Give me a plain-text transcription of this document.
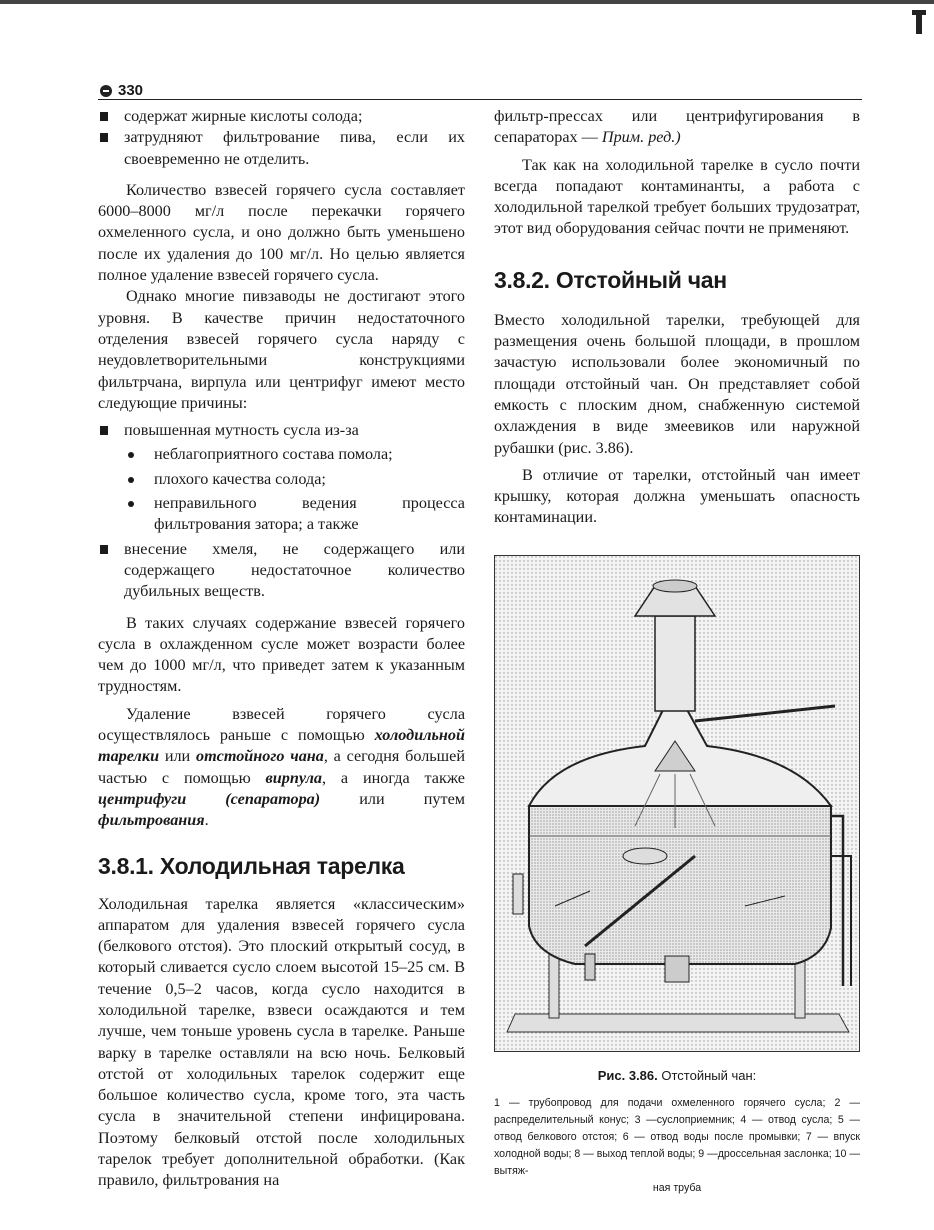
330
содержат жирные кислоты солода;
затрудняют фильтрование пива, если их своевременно не отделить.

Количество взвесей горячего сусла составляет 6000–8000 мг/л после перекачки горячего охмеленного сусла, и оно должно быть уменьшено после их удаления до 100 мг/л. Но целью является полное удаление взвесей горячего сусла.

Однако многие пивзаводы не достигают этого уровня. В качестве причин недостаточного отделения взвесей горячего сусла наряду с неудовлетворительными конструкциями фильтрчана, вирпула или центрифуг имеют место следующие причины:

повышенная мутность сусла из-за
неблагоприятного состава помола;
плохого качества солода;
неправильного ведения процесса фильтрования затора; а также
внесение хмеля, не содержащего или содержащего недостаточное количество дубильных веществ.

В таких случаях содержание взвесей горячего сусла в охлажденном сусле может возрасти более чем до 1000 мг/л, что приведет затем к указанным трудностям.

Удаление взвесей горячего сусла осуществлялось раньше с помощью холодильной тарелки или отстойного чана, а сегодня большей частью с помощью вирпула, а иногда также центрифуги (сепаратора) или путем фильтрования.

3.8.1. Холодильная тарелка

Холодильная тарелка является «классическим» аппаратом для удаления взвесей горячего сусла (белкового отстоя). Это плоский открытый сосуд, в который сливается сусло слоем высотой 15–25 см. В течение 0,5–2 часов, когда сусло находится в холодильной тарелке, взвеси осаждаются и тем лучше, чем тоньше уровень сусла в тарелке. Раньше варку в тарелке оставляли на всю ночь. Белковый отстой от холодильных тарелок содержит еще большое количество сусла, кроме того, эта часть сусла в значительной степени инфицирована. Поэтому белковый отстой после холодильных тарелок требует дополнительной обработки. (Как правило, фильтрования на

фильтр-прессах или центрифугирования в сепараторах — Прим. ред.)

Так как на холодильной тарелке в сусло почти всегда попадают контаминанты, а работа с холодильной тарелкой требует больших трудозатрат, этот вид оборудования сейчас почти не применяют.

3.8.2. Отстойный чан

Вместо холодильной тарелки, требующей для размещения очень большой площади, в прошлом зачастую использовали более экономичный по площади отстойный чан. Он представляет собой емкость с плоским дном, снабженную системой охлаждения в виде змеевиков или наружной рубашки (рис. 3.86).

В отличие от тарелки, отстойный чан имеет крышку, которая должна уменьшать опасность контаминации.

Рис. 3.86. Отстойный чан:
1 — трубопровод для подачи охмеленного горячего сусла; 2 — распределительный конус; 3 —суслоприемник; 4 — отвод сусла; 5 — отвод белкового отстоя; 6 — отвод воды после промывки; 7 — впуск холодной воды; 8 — выход теплой воды; 9 —дроссельная заслонка; 10 — вытяж-
ная труба
